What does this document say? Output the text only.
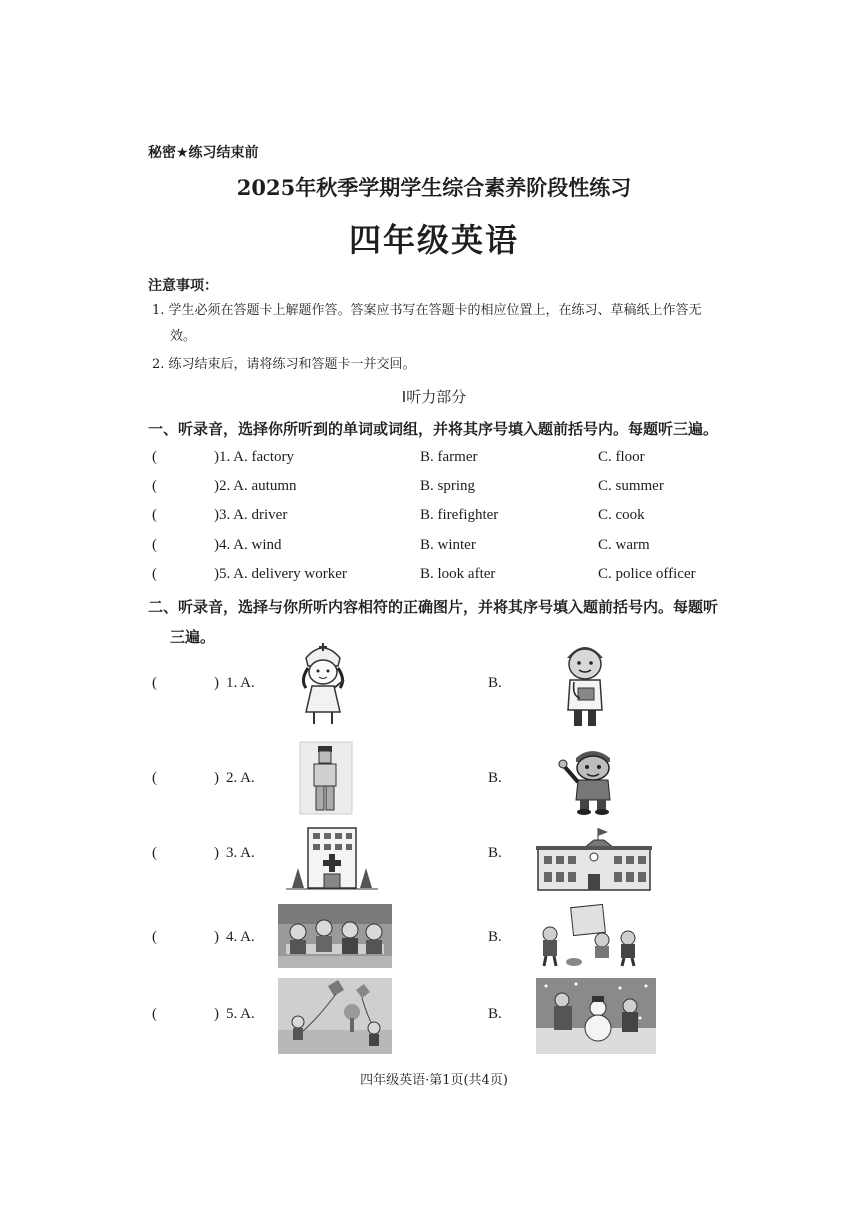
秘密★练习结束前
2025年秋季学期学生综合素养阶段性练习
四年级英语
注意事项：
1. 学生必须在答题卡上解题作答。答案应书写在答题卡的相应位置上，在练习、草稿纸上作答无
效。
2. 练习结束后，请将练习和答题卡一并交回。
Ⅰ听力部分
一、听录音，选择你所听到的单词或词组，并将其序号填入题前括号内。每题听三遍。
(	)1. A. factory	B. farmer	C. floor
(	)2. A. autumn	B. spring	C. summer
(	)3. A. driver	B. firefighter	C. cook
(	)4. A. wind	B. winter	C. warm
(	)5. A. delivery worker	B. look after	C. police officer
二、听录音，选择与你所听内容相符的正确图片，并将其序号填入题前括号内。每题听
三遍。
(	) 1. A.	B.
(	) 2. A.	B.
(	) 3. A.	B.
(	) 4. A.	B.
(	) 5. A.	B.
四年级英语·第1页(共4页)
